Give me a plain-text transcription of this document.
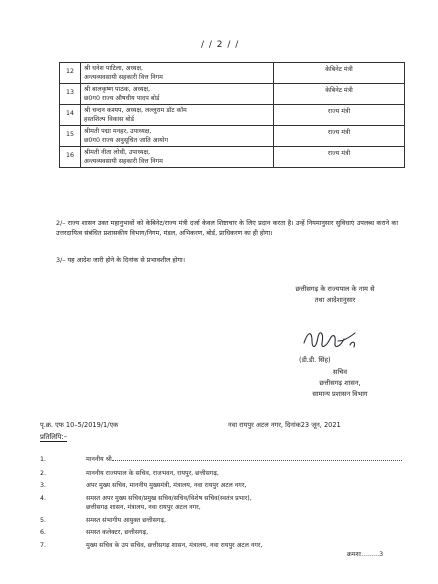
/ / 2 / /
12	श्री धनेश पाटिला, अध्यक्ष,
अन्त्यव्यवसायी सहकारी वित्त निगम	केबिनेट मंत्री
13	श्री बालकृष्ण पाठक, अध्यक्ष,
छ0ग0 राज्य औषधीय पादप बोर्ड	केबिनेट मंत्री
14	श्री चन्दन कश्यप, अध्यक्ष, लल्लूराम डॉट कॉम
हस्तशिल्प विकास बोर्ड	राज्य मंत्री
15	श्रीमती पद्मा मनहर, उपाध्यक्ष,
छ0ग0 राज्य अनुसूचित जाति आयोग	राज्य मंत्री
16	श्रीमती नीता लोधी, उपाध्यक्ष,
अन्त्यव्यवसायी सहकारी वित्त निगम	राज्य मंत्री
2/– राज्य शासन उक्त महानुभावों को केबिनेट/राज्य मंत्री दर्जा केवल शिष्टाचार के लिए प्रदान करता है। उन्हें नियमानुसार सुविधाएं उपलब्ध कराने का उत्तरदायित्व संबंधित प्रशासकीय विभाग/निगम, मंडल, अभिकरण, बोर्ड, प्राधिकरण का ही होगा।
3/– यह आदेश जारी होने के दिनांक से प्रभावशील होगा।
छत्तीसगढ़ के राज्यपाल के नाम से
तथा आदेशानुसार
(डी.डी. सिंह)
सचिव
छत्तीसगढ़ शासन,
सामान्य प्रशासन विभाग
पृ.क्र. एफ 10–5/2019/1/एक	नवा रायपुर अटल नगर, दिनांक23 जून, 2021
प्रतिलिपि:–
1.	माननीय श्री
2.	माननीय राज्यपाल के सचिव, राजभवन, रायपुर, छत्तीसगढ़,
3.	अपर मुख्य सचिव, माननीय मुख्यमंत्री, मंत्रालय, नवा रायपुर अटल नगर,
4.	समस्त अपर मुख्य सचिव/प्रमुख सचिव/सचिव/विशेष सचिव(स्वतंत्र प्रभार),
छत्तीसगढ़ शासन, मंत्रालय, नवा रायपुर अटल नगर,
5.	समस्त संभागीय आयुक्त छत्तीसगढ़,
6.	समस्त कलेक्टर, छत्तीसगढ़,
7.	मुख्य सचिव के उप सचिव, छत्तीसगढ़ शासन, मंत्रालय, नवा रायपुर अटल नगर,
क्रमशः.........3
